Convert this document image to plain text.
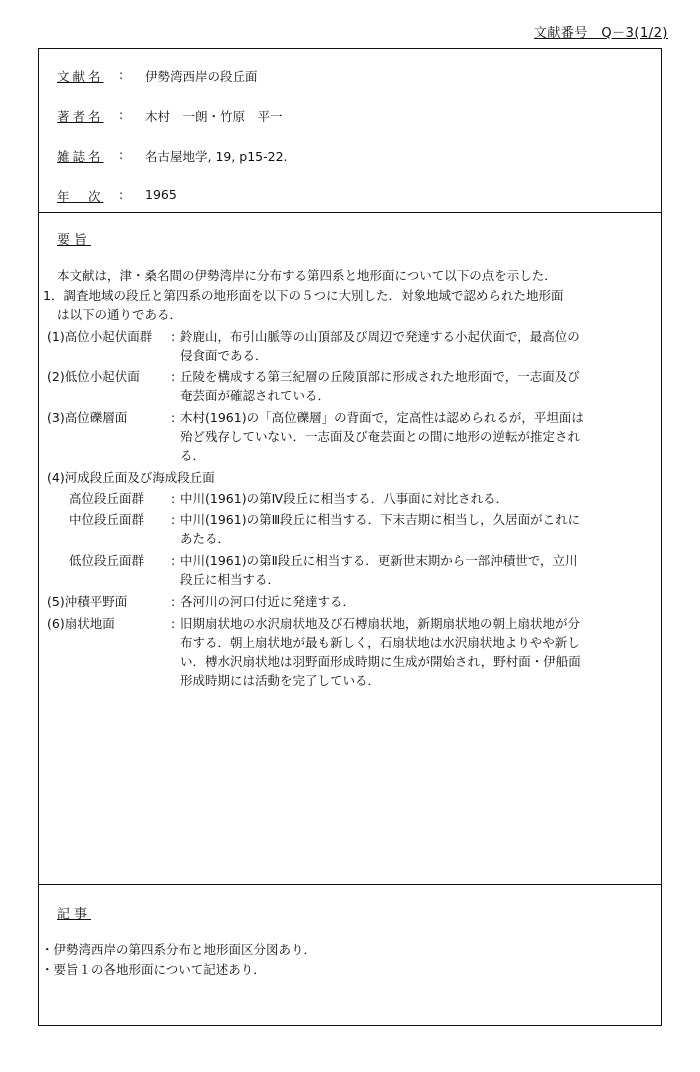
文献番号　Q－3(1/2)
文献名	:	伊勢湾西岸の段丘面
著者名	:	木村　一朗・竹原　平一
雑誌名	:	名古屋地学, 19, p15-22.
年　次	:	1965
要旨
本文献は，津・桑名間の伊勢湾岸に分布する第四系と地形面について以下の点を示した．
1．調査地域の段丘と第四系の地形面を以下の５つに大別した．対象地域で認められた地形面
は以下の通りである．
(1)高位小起伏面群 : 鈴鹿山，布引山脈等の山頂部及び周辺で発達する小起伏面で，最高位の
侵食面である．
(2)低位小起伏面	: 丘陵を構成する第三紀層の丘陵頂部に形成された地形面で，一志面及び
奄芸面が確認されている．
(3)高位礫層面	: 木村(1961)の「高位礫層」の背面で，定高性は認められるが，平坦面は
殆ど残存していない．一志面及び奄芸面との間に地形の逆転が推定され
る．
(4)河成段丘面及び海成段丘面
高位段丘面群 : 中川(1961)の第Ⅳ段丘に相当する．八事面に対比される．
中位段丘面群 : 中川(1961)の第Ⅲ段丘に相当する．下末吉期に相当し，久居面がこれに
あたる．
低位段丘面群 : 中川(1961)の第Ⅱ段丘に相当する．更新世末期から一部沖積世で，立川
段丘に相当する．
(5)沖積平野面	: 各河川の河口付近に発達する．
(6)扇状地面	: 旧期扇状地の水沢扇状地及び石榑扇状地，新期扇状地の朝上扇状地が分
布する．朝上扇状地が最も新しく，石扇状地は水沢扇状地よりやや新し
い．榑水沢扇状地は羽野面形成時期に生成が開始され，野村面・伊船面
形成時期には活動を完了している．
記事
・伊勢湾西岸の第四系分布と地形面区分図あり．
・要旨１の各地形面について記述あり．
